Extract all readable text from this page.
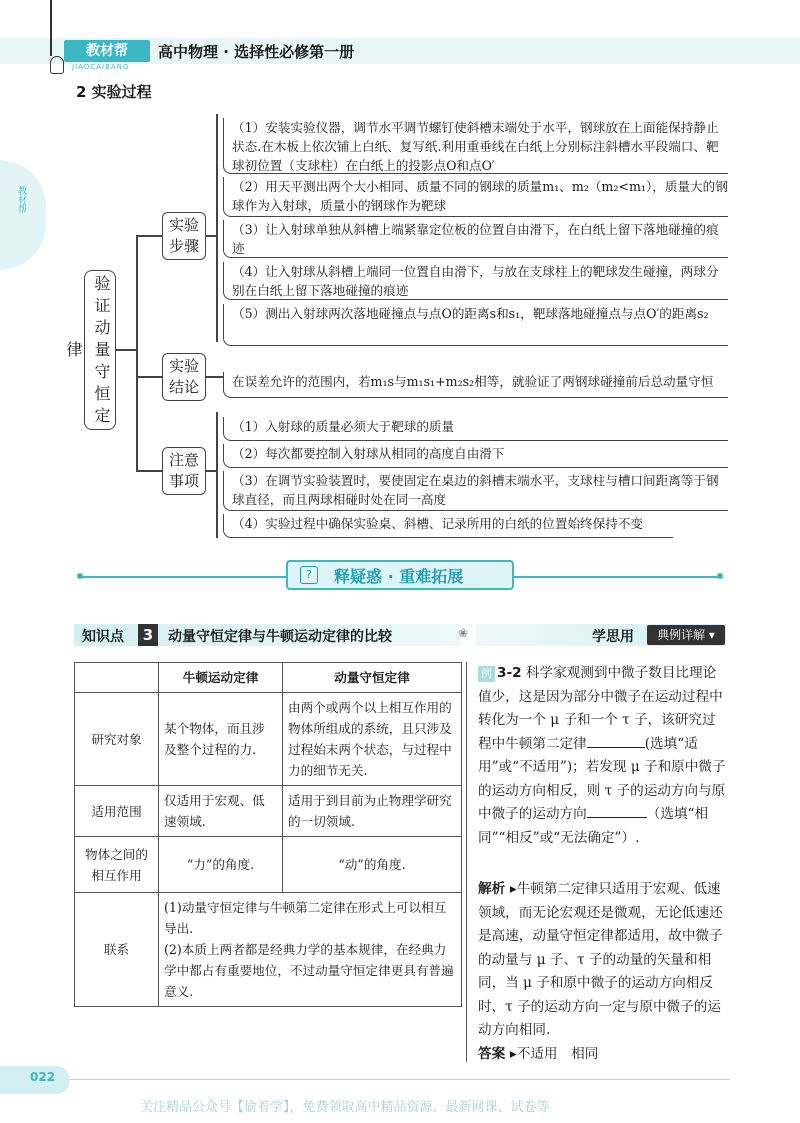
教材帮
JIAOCAIBANG
高中物理 · 选择性必修第一册
教材帮
2 实验过程
验证动量守恒定律
实验步骤
实验结论
注意事项
（1）安装实验仪器，调节水平调节螺钉使斜槽末端处于水平，钢球放在上面能保持静止状态.在木板上依次铺上白纸、复写纸.利用重垂线在白纸上分别标注斜槽水平段端口、靶球初位置（支球柱）在白纸上的投影点O和点O′
（2）用天平测出两个大小相同、质量不同的钢球的质量m₁、m₂（m₂<m₁），质量大的钢球作为入射球，质量小的钢球作为靶球
（3）让入射球单独从斜槽上端紧靠定位板的位置自由滑下，在白纸上留下落地碰撞的痕迹
（4）让入射球从斜槽上端同一位置自由滑下，与放在支球柱上的靶球发生碰撞，两球分别在白纸上留下落地碰撞的痕迹
（5）测出入射球两次落地碰撞点与点O的距离s和s₁，靶球落地碰撞点与点O′的距离s₂
在误差允许的范围内，若m₁s与m₁s₁+m₂s₂相等，就验证了两钢球碰撞前后总动量守恒
（1）入射球的质量必须大于靶球的质量
（2）每次都要控制入射球从相同的高度自由滑下
（3）在调节实验装置时，要使固定在桌边的斜槽末端水平，支球柱与槽口间距离等于钢球直径，而且两球相碰时处在同一高度
（4）实验过程中确保实验桌、斜槽、记录所用的白纸的位置始终保持不变
?	释疑惑 · 重难拓展
知识点	3	动量守恒定律与牛顿运动定律的比较	❀	学思用	典例详解 ▾
	牛顿运动定律	动量守恒定律
研究对象	某个物体，而且涉及整个过程的力.	由两个或两个以上相互作用的物体所组成的系统，且只涉及过程始末两个状态，与过程中力的细节无关.
适用范围	仅适用于宏观、低速领域.	适用于到目前为止物理学研究的一切领域.
物体之间的相互作用	“力”的角度.	“动”的角度.
联系	(1)动量守恒定律与牛顿第二定律在形式上可以相互导出.
(2)本质上两者都是经典力学的基本规律，在经典力学中都占有重要地位，不过动量守恒定律更具有普遍意义.	
例 3-2 科学家观测到中微子数目比理论值少，这是因为部分中微子在运动过程中转化为一个 μ 子和一个 τ 子，该研究过程中牛顿第二定律	(选填“适用”或“不适用”)；若发现 μ 子和原中微子的运动方向相反，则 τ 子的运动方向与原中微子的运动方向	（选填“相同”“相反”或“无法确定”）.
解析 ▸牛顿第二定律只适用于宏观、低速领域，而无论宏观还是微观，无论低速还是高速，动量守恒定律都适用，故中微子的动量与 μ 子、τ 子的动量的矢量和相同，当 μ 子和原中微子的运动方向相反时，τ 子的运动方向一定与原中微子的运动方向相同.
答案 ▸不适用　相同
022
关注精品公众号【偷着学】，免费领取高中精品资源、最新网课、试卷等
